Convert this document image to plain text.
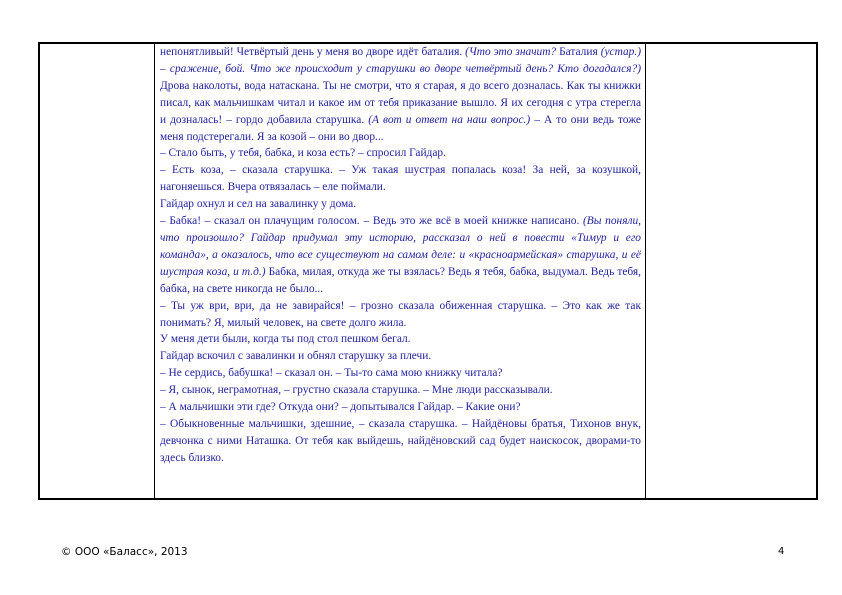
непонятливый! Четвёртый день у меня во дворе идёт баталия. (Что это значит? Баталия (устар.) – сражение, бой. Что же происходит у старушки во дворе четвёртый день? Кто догадался?) Дрова наколоты, вода натаскана. Ты не смотри, что я старая, я до всего дозналась. Как ты книжки писал, как мальчишкам читал и какое им от тебя приказание вышло. Я их сегодня с утра стерегла и дозналась! – гордо добавила старушка. (А вот и ответ на наш вопрос.) – А то они ведь тоже меня подстерегали. Я за козой – они во двор...

– Стало быть, у тебя, бабка, и коза есть? – спросил Гайдар.

– Есть коза, – сказала старушка. – Уж такая шустрая попалась коза! За ней, за козушкой, нагоняешься. Вчера отвязалась – еле поймали.

Гайдар охнул и сел на завалинку у дома.

– Бабка! – сказал он плачущим голосом. – Ведь это же всё в моей книжке написано. (Вы поняли, что произошло? Гайдар придумал эту историю, рассказал о ней в повести «Тимур и его команда», а оказалось, что все существуют на самом деле: и «красноармейская» старушка, и её шустрая коза, и т.д.) Бабка, милая, откуда же ты взялась? Ведь я тебя, бабка, выдумал. Ведь тебя, бабка, на свете никогда не было...

– Ты уж ври, ври, да не завирайся! – грозно сказала обиженная старушка. – Это как же так понимать? Я, милый человек, на свете долго жила.

У меня дети были, когда ты под стол пешком бегал.

Гайдар вскочил с завалинки и обнял старушку за плечи.

– Не сердись, бабушка! – сказал он. – Ты-то сама мою книжку читала?

– Я, сынок, неграмотная, – грустно сказала старушка. – Мне люди рассказывали.

– А мальчишки эти где? Откуда они? – допытывался Гайдар. – Какие они?

– Обыкновенные мальчишки, здешние, – сказала старушка. – Найдёновы братья, Тихонов внук, девчонка с ними Наташка. От тебя как выйдешь, найдёновский сад будет наискосок, дворами-то здесь близко.

© ООО «Баласс», 2013	4
